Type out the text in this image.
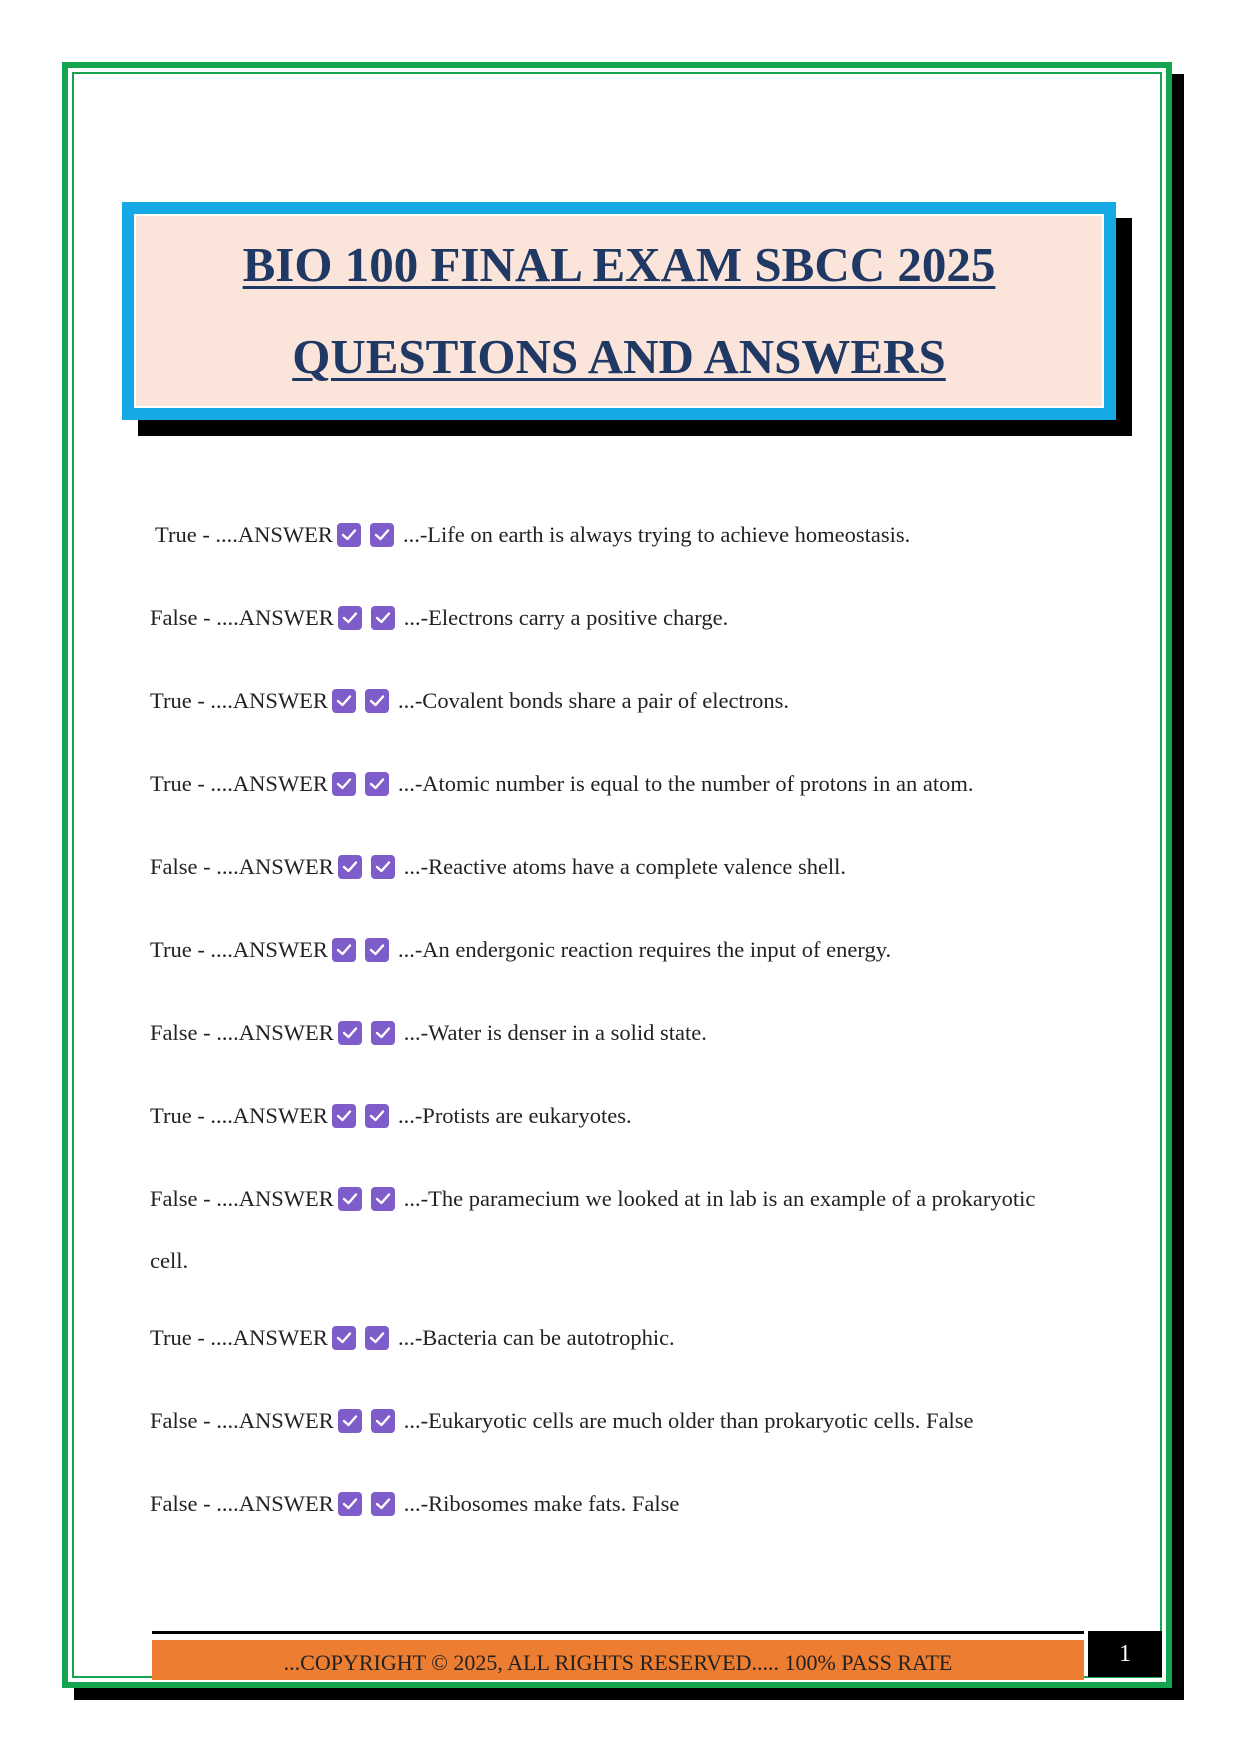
BIO 100 FINAL EXAM SBCC 2025
QUESTIONS AND ANSWERS
True - ....ANSWER	...-Life on earth is always trying to achieve homeostasis.
False - ....ANSWER	...-Electrons carry a positive charge.
True - ....ANSWER	...-Covalent bonds share a pair of electrons.
True - ....ANSWER	...-Atomic number is equal to the number of protons in an atom.
False - ....ANSWER	...-Reactive atoms have a complete valence shell.
True - ....ANSWER	...-An endergonic reaction requires the input of energy.
False - ....ANSWER	...-Water is denser in a solid state.
True - ....ANSWER	...-Protists are eukaryotes.
False - ....ANSWER	...-The paramecium we looked at in lab is an example of a prokaryotic
cell.
True - ....ANSWER	...-Bacteria can be autotrophic.
False - ....ANSWER	...-Eukaryotic cells are much older than prokaryotic cells. False
False - ....ANSWER	...-Ribosomes make fats. False
...COPYRIGHT © 2025, ALL RIGHTS RESERVED..... 100% PASS RATE	1
